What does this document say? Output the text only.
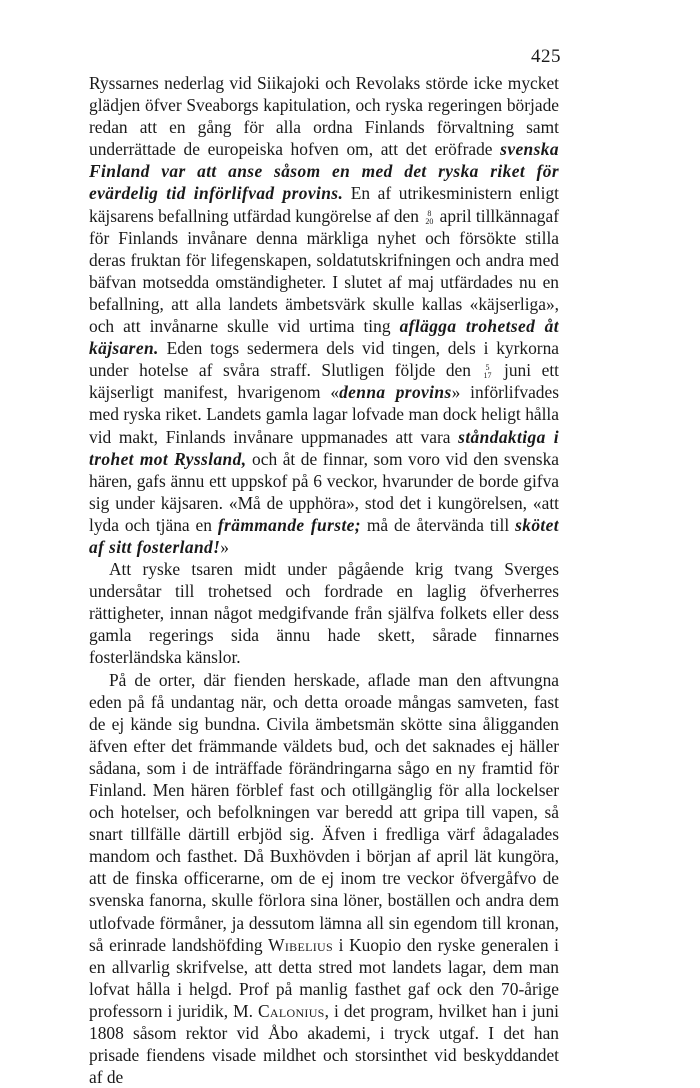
425

Ryssarnes nederlag vid Siikajoki och Revolaks störde icke mycket glädjen öfver Sveaborgs kapitulation, och ryska regeringen började redan att en gång för alla ordna Finlands förvaltning samt underrättade de europeiska hofven om, att det eröfrade svenska Finland var att anse såsom en med det ryska riket för evärdelig tid införlifvad provins. En af utrikesministern enligt käjsarens befallning utfärdad kungörelse af den 8
20 april tillkännagaf för Finlands invånare denna märkliga nyhet och försökte stilla deras fruktan för lifegenskapen, soldatutskrifningen och andra med bäfvan motsedda omständigheter. I slutet af maj utfärdades nu en befallning, att alla landets ämbetsvärk skulle kallas «käjserliga», och att invånarne skulle vid urtima ting aflägga trohetsed åt käjsaren. Eden togs sedermera dels vid tingen, dels i kyrkorna under hotelse af svåra straff. Slutligen följde den 5
17 juni ett käjserligt manifest, hvarigenom «denna provins» införlifvades med ryska riket. Landets gamla lagar lofvade man dock heligt hålla vid makt, Finlands invånare uppmanades att vara ståndaktiga i trohet mot Ryssland, och åt de finnar, som voro vid den svenska hären, gafs ännu ett uppskof på 6 veckor, hvarunder de borde gifva sig under käjsaren. «Må de upphöra», stod det i kungörelsen, «att lyda och tjäna en främmande furste; må de återvända till skötet af sitt fosterland!»

Att ryske tsaren midt under pågående krig tvang Sverges undersåtar till trohetsed och fordrade en laglig öfverherres rättigheter, innan något medgifvande från själfva folkets eller dess gamla regerings sida ännu hade skett, sårade finnarnes fosterländska känslor.

På de orter, där fienden herskade, aflade man den aftvungna eden på få undantag när, och detta oroade mångas samveten, fast de ej kände sig bundna. Civila ämbetsmän skötte sina åligganden äfven efter det främmande väldets bud, och det saknades ej häller sådana, som i de inträffade förändringarna sågo en ny framtid för Finland. Men hären förblef fast och otillgänglig för alla lockelser och hotelser, och befolkningen var beredd att gripa till vapen, så snart tillfälle därtill erbjöd sig. Äfven i fredliga värf ådagalades mandom och fasthet. Då Buxhövden i början af april lät kungöra, att de finska officerarne, om de ej inom tre veckor öfvergåfvo de svenska fanorna, skulle förlora sina löner, boställen och andra dem utlofvade förmåner, ja dessutom lämna all sin egendom till kronan, så erinrade landshöfding Wibelius i Kuopio den ryske generalen i en allvarlig skrifvelse, att detta stred mot landets lagar, dem man lofvat hålla i helgd. Prof på manlig fasthet gaf ock den 70-årige professorn i juridik, M. Calonius, i det program, hvilket han i juni 1808 såsom rektor vid Åbo akademi, i tryck utgaf. I det han prisade fiendens visade mildhet och storsinthet vid beskyddandet af de
